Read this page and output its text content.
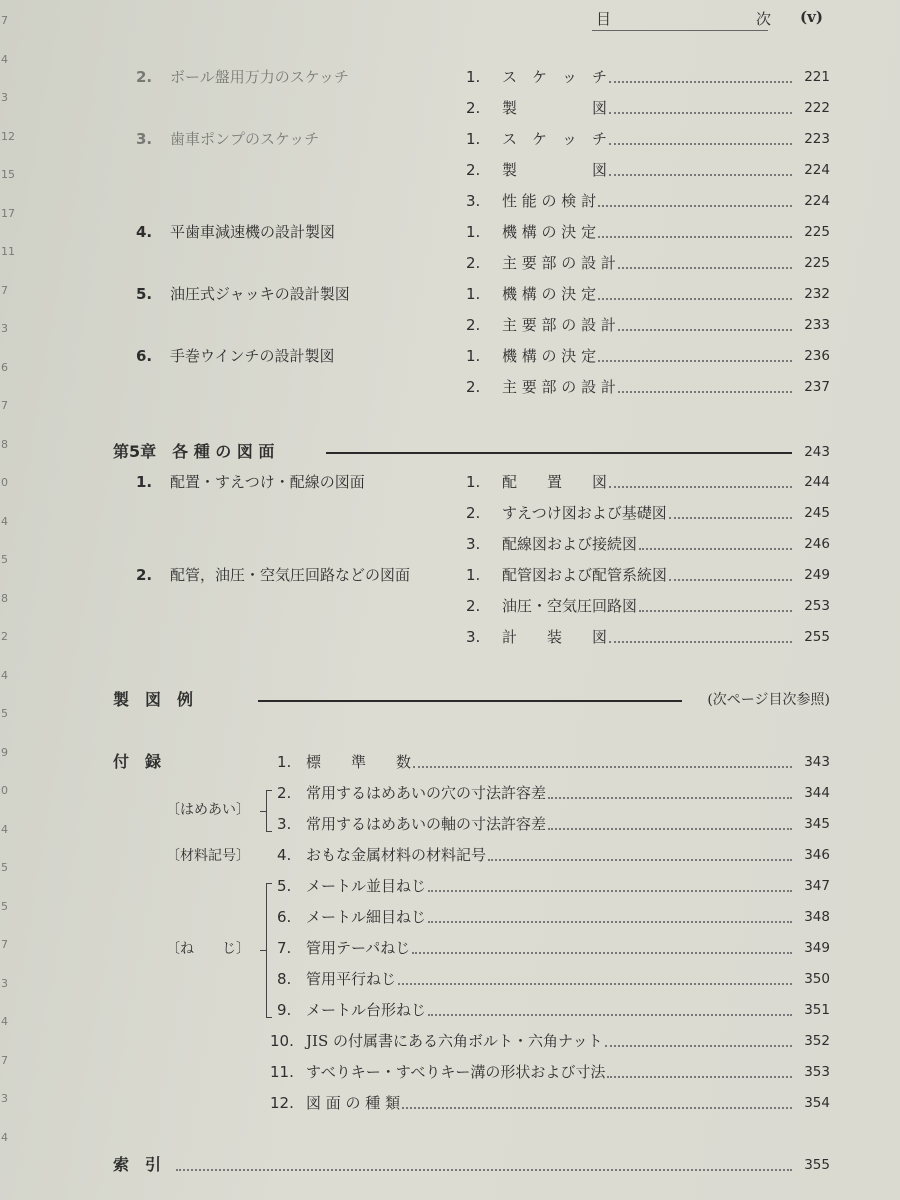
7
4
3
12
15
17
11
7
3
6
7
8
0
4
5
8
2
4
5
9
0
4
5
5
7
3
4
7
3
4
目	次 (v)
2. ボール盤用万力のスケッチ	1. ス　ケ　ッ　チ	221
2. 製　　　　　図	222
3. 歯車ポンプのスケッチ	1. ス　ケ　ッ　チ	223
2. 製　　　　　図	224
3. 性 能 の 検 討	224
4. 平歯車減速機の設計製図	1. 機 構 の 決 定	225
2. 主 要 部 の 設 計	225
5. 油圧式ジャッキの設計製図	1. 機 構 の 決 定	232
2. 主 要 部 の 設 計	233
6. 手巻ウインチの設計製図	1. 機 構 の 決 定	236
2. 主 要 部 の 設 計	237
第5章　各 種 の 図 面	243
1. 配置・すえつけ・配線の図面	1. 配　　置　　図	244
2. すえつけ図および基礎図	245
3. 配線図および接続図	246
2. 配管，油圧・空気圧回路などの図面	1. 配管図および配管系統図	249
2. 油圧・空気圧回路図	253
3. 計　　装　　図	255
製　図　例	(次ページ目次参照)
付　録	1. 標　　準　　数	343
2. 常用するはめあいの穴の寸法許容差	344
3. 常用するはめあいの軸の寸法許容差	345
4. おもな金属材料の材料記号	346
5. メートル並目ねじ	347
6. メートル細目ねじ	348
7. 管用テーパねじ	349
8. 管用平行ねじ	350
9. メートル台形ねじ	351
10. JIS の付属書にある六角ボルト・六角ナット	352
11. すべりキー・すべりキー溝の形状および寸法	353
12. 図 面 の 種 類	354
〔はめあい〕
〔材料記号〕
〔ね　　じ〕
索　引	355
